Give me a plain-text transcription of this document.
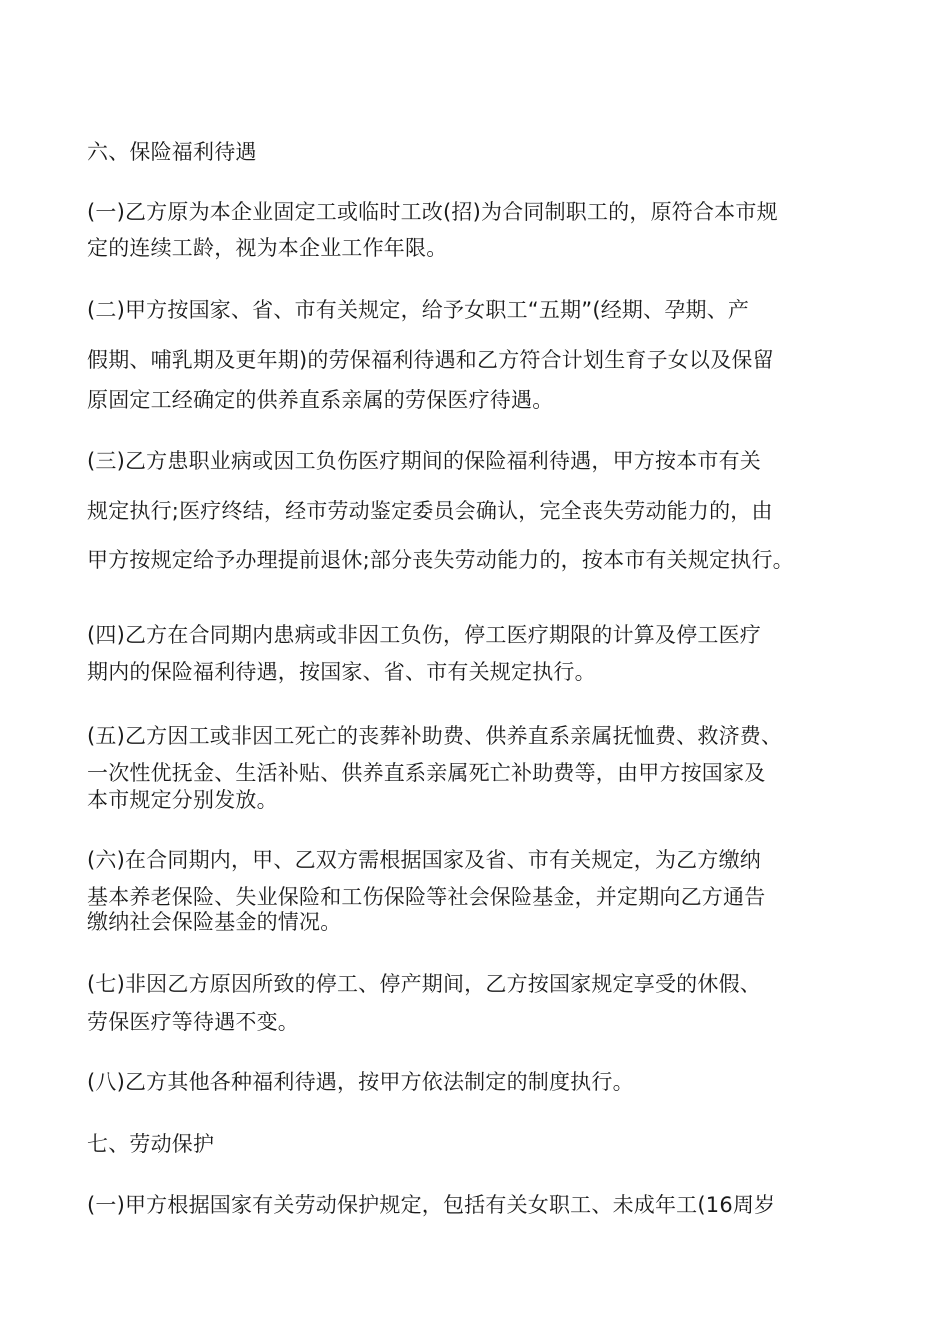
六、保险福利待遇
(一)乙方原为本企业固定工或临时工改(招)为合同制职工的，原符合本市规
定的连续工龄，视为本企业工作年限。
(二)甲方按国家、省、市有关规定，给予女职工“五期”(经期、孕期、产
假期、哺乳期及更年期)的劳保福利待遇和乙方符合计划生育子女以及保留
原固定工经确定的供养直系亲属的劳保医疗待遇。
(三)乙方患职业病或因工负伤医疗期间的保险福利待遇，甲方按本市有关
规定执行;医疗终结，经市劳动鉴定委员会确认，完全丧失劳动能力的，由
甲方按规定给予办理提前退休;部分丧失劳动能力的，按本市有关规定执行。
(四)乙方在合同期内患病或非因工负伤，停工医疗期限的计算及停工医疗
期内的保险福利待遇，按国家、省、市有关规定执行。
(五)乙方因工或非因工死亡的丧葬补助费、供养直系亲属抚恤费、救济费、
一次性优抚金、生活补贴、供养直系亲属死亡补助费等，由甲方按国家及
本市规定分别发放。
(六)在合同期内，甲、乙双方需根据国家及省、市有关规定，为乙方缴纳
基本养老保险、失业保险和工伤保险等社会保险基金，并定期向乙方通告
缴纳社会保险基金的情况。
(七)非因乙方原因所致的停工、停产期间，乙方按国家规定享受的休假、
劳保医疗等待遇不变。
(八)乙方其他各种福利待遇，按甲方依法制定的制度执行。
七、劳动保护
(一)甲方根据国家有关劳动保护规定，包括有关女职工、未成年工(16周岁
